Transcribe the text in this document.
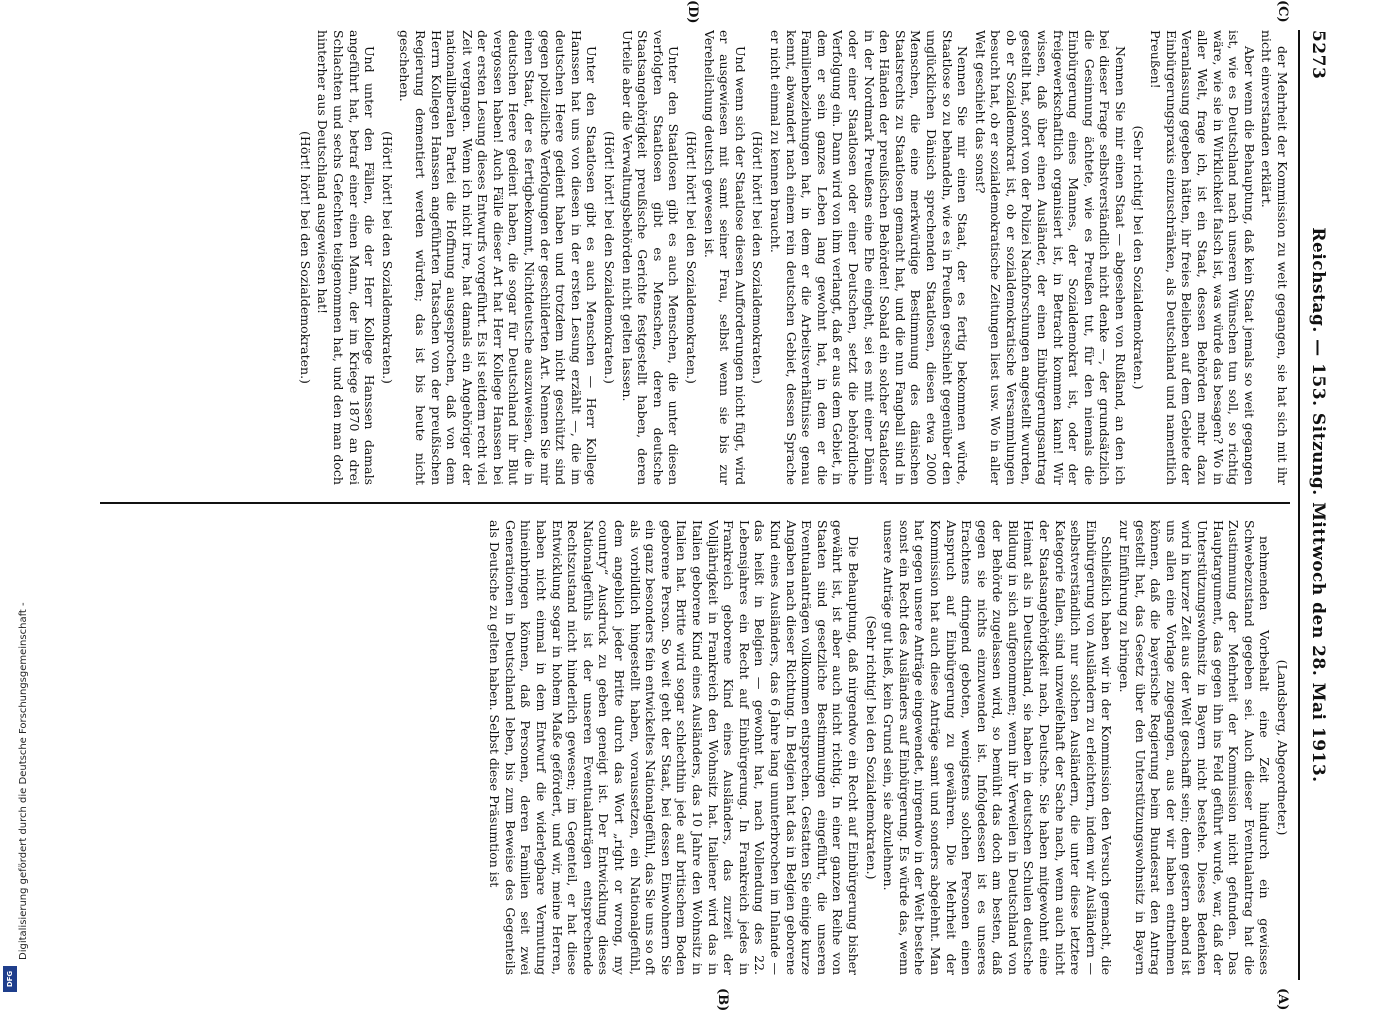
Digitalisierung gefördert durch die Deutsche Forschungsgemeinschaft -
DFG
5273
Reichstag. — 153. Sitzung. Mittwoch den 28. Mai 1913.
(C)
(D)
(A)
(B)

der Mehrheit der Kommission zu weit gegangen, sie hat sich mit ihr nicht einverstanden erklärt.

Aber wenn die Behauptung, daß kein Staat jemals so weit gegangen ist, wie es Deutschland nach unseren Wünschen tun soll, so richtig wäre, wie sie in Wirklichkeit falsch ist, was würde das besagen? Wo in aller Welt, frage ich, ist ein Staat, dessen Behörden mehr dazu Veranlassung gegeben hätten, ihr freies Belieben auf dem Gebiete der Einbürgerungspraxis einzuschränken, als Deutschland und namentlich Preußen!

(Sehr richtig! bei den Sozialdemokraten.)

Nennen Sie mir einen Staat — abgesehen von Rußland, an den ich bei dieser Frage selbstverständlich nicht denke —, der grundsätzlich die Gesinnung ächtete, wie es Preußen tut, für den niemals die Einbürgerung eines Mannes, der Sozialdemokrat ist, oder der freigewerkschaftlich organisiert ist, in Betracht kommen kann! Wir wissen, daß über einen Ausländer, der einen Einbürgerungsantrag gestellt hat, sofort von der Polizei Nachforschungen angestellt wurden, ob er Sozialdemokrat ist, ob er sozialdemokratische Versammlungen besucht hat, ob er sozialdemokratische Zeitungen liest usw. Wo in aller Welt geschieht das sonst?

Nennen Sie mir einen Staat, der es fertig bekommen würde, Staatlose so zu behandeln, wie es in Preußen geschieht gegenüber den unglücklichen Dänisch sprechenden Staatlosen, diesen etwa 2000 Menschen, die eine merkwürdige Bestimmung des dänischen Staatsrechts zu Staatlosen gemacht hat, und die nun Fangball sind in den Händen der preußischen Behörden! Sobald ein solcher Staatloser in der Nordmark Preußens eine Ehe eingeht, sei es mit einer Dänin oder einer Staatlosen oder einer Deutschen, setzt die behördliche Verfolgung ein. Dann wird von ihm verlangt, daß er aus dem Gebiet, in dem er sein ganzes Leben lang gewohnt hat, in dem er die Familienbeziehungen hat, in dem er die Arbeitsverhältnisse genau kennt, abwandert nach einem rein deutschen Gebiet, dessen Sprache er nicht einmal zu kennen braucht.

(Hört! hört! bei den Sozialdemokraten.)

Und wenn sich der Staatlose diesen Aufforderungen nicht fügt, wird er ausgewiesen mit samt seiner Frau, selbst wenn sie bis zur Verehelichung deutsch gewesen ist.

(Hört! hört! bei den Sozialdemokraten.)

Unter den Staatlosen gibt es auch Menschen, die unter diesen verfolgten Staatlosen gibt es Menschen, deren deutsche Staatsangehörigkeit preußische Gerichte festgestellt haben, deren Urteile aber die Verwaltungsbehörden nicht gelten lassen.

(Hört! hört! bei den Sozialdemokraten.)

Unter den Staatlosen gibt es auch Menschen — Herr Kollege Hanssen hat uns von diesen in der ersten Lesung erzählt —, die im deutschen Heere gedient haben und trotzdem nicht geschützt sind gegen polizeiliche Verfolgungen der geschilderten Art. Nennen Sie mir einen Staat, der es fertigbekommt, Nichtdeutsche auszuweisen, die in deutschen Heere gedient haben, die sogar für Deutschland ihr Blut vergossen haben! Auch Fälle dieser Art hat Herr Kollege Hanssen bei der ersten Lesung dieses Entwurfs vorgeführt. Es ist seitdem recht viel Zeit vergangen. Wenn ich nicht irre, hat damals ein Angehöriger der nationalliberalen Partei die Hoffnung ausgesprochen, daß von dem Herrn Kollegen Hanssen angeführten Tatsachen von der preußischen Regierung dementiert werden würden; das ist bis heute nicht geschehen.

(Hört! hört! bei den Sozialdemokraten.)

Und unter den Fällen, die der Herr Kollege Hanssen damals angeführt hat, betraf einer einen Mann, der im Kriege 1870 an drei Schlachten und sechs Gefechten teilgenommen hat, und den man doch hinterher aus Deutschland ausgewiesen hat!

(Hört! hört! bei den Sozialdemokraten.)

(Landsberg, Abgeordneter.)

nehmenden Vorbehalt eine Zeit hindurch ein gewisses Schwebezustand gegeben sei. Auch dieser Eventualantrag hat die Zustimmung der Mehrheit der Kommission nicht gefunden. Das Hauptargument, das gegen ihn ins Feld geführt wurde, war, daß der Unterstützungswohnsitz in Bayern nicht bestehe. Dieses Bedenken wird in kurzer Zeit aus der Welt geschafft sein; denn gestern abend ist uns allen eine Vorlage zugegangen, aus der wir haben entnehmen können, daß die bayerische Regierung beim Bundesrat den Antrag gestellt hat, das Gesetz über den Unterstützungswohnsitz in Bayern zur Einführung zu bringen.

Schließlich haben wir in der Kommission den Versuch gemacht, die Einbürgerung von Ausländern zu erleichtern, indem wir Ausländern — selbstverständlich nur solchen Ausländern, die unter diese letztere Kategorie fallen, sind unzweifelhaft der Sache nach, wenn auch nicht der Staatsangehörigkeit nach, Deutsche. Sie haben mitgewohnt eine Heimat als in Deutschland, sie haben in deutschen Schulen deutsche Bildung in sich aufgenommen; wenn ihr Verweilen in Deutschland von der Behörde zugelassen wird, so bemüht das doch am besten, daß gegen sie nichts einzuwenden ist. Infolgedessen ist es unseres Erachtens dringend geboten, wenigstens solchen Personen einen Anspruch auf Einbürgerung zu gewähren. Die Mehrheit der Kommission hat auch diese Anträge samt und sonders abgelehnt. Man hat gegen unsere Anträge eingewendet, nirgendwo in der Welt bestehe sonst ein Recht des Ausländers auf Einbürgerung. Es würde das, wenn unsere Anträge gut hieß, kein Grund sein, sie abzulehnen.

(Sehr richtig! bei den Sozialdemokraten.)

Die Behauptung, daß nirgendwo ein Recht auf Einbürgerung bisher gewährt ist, ist aber auch nicht richtig. In einer ganzen Reihe von Staaten sind gesetzliche Bestimmungen eingeführt, die unseren Eventualanträgen vollkommen entsprechen. Gestatten Sie einige kurze Angaben nach dieser Richtung. In Belgien hat das in Belgien geborene Kind eines Ausländers, das 6 Jahre lang ununterbrochen im Inlande — das heißt in Belgien — gewohnt hat, nach Vollendung des 22. Lebensjahres ein Recht auf Einbürgerung. In Frankreich jedes in Frankreich geborene Kind eines Ausländers, das zurzeit der Volljährigkeit in Frankreich den Wohnsitz hat. Italiener wird das in Italien geborene Kind eines Ausländers, das 10 Jahre den Wohnsitz in Italien hat. Britte wird sogar schlechthin jede auf britischem Boden geborene Person. So weit geht der Staat, bei dessen Einwohnern Sie ein ganz besonders fein entwickeltes Nationalgefühl, das Sie uns so oft als vorbildlich hingestellt haben, voraussetzen, ein Nationalgefühl, dem angeblich jeder Britte durch das Wort „right or wrong, my country“ Ausdruck zu geben geneigt ist. Der Entwicklung dieses Nationalgefühls ist der unseren Eventualanträgen entsprechende Rechtszustand nicht hinderlich gewesen; im Gegenteil, er hat diese Entwicklung sogar in hohem Maße gefördert, und wir, meine Herren, haben nicht einmal in dem Entwurf die widerlegbare Vermutung hineinbringen können, daß Personen, deren Familien seit zwei Generationen in Deutschland leben, bis zum Beweise des Gegenteils als Deutsche zu gelten haben. Selbst diese Präsumtion ist
